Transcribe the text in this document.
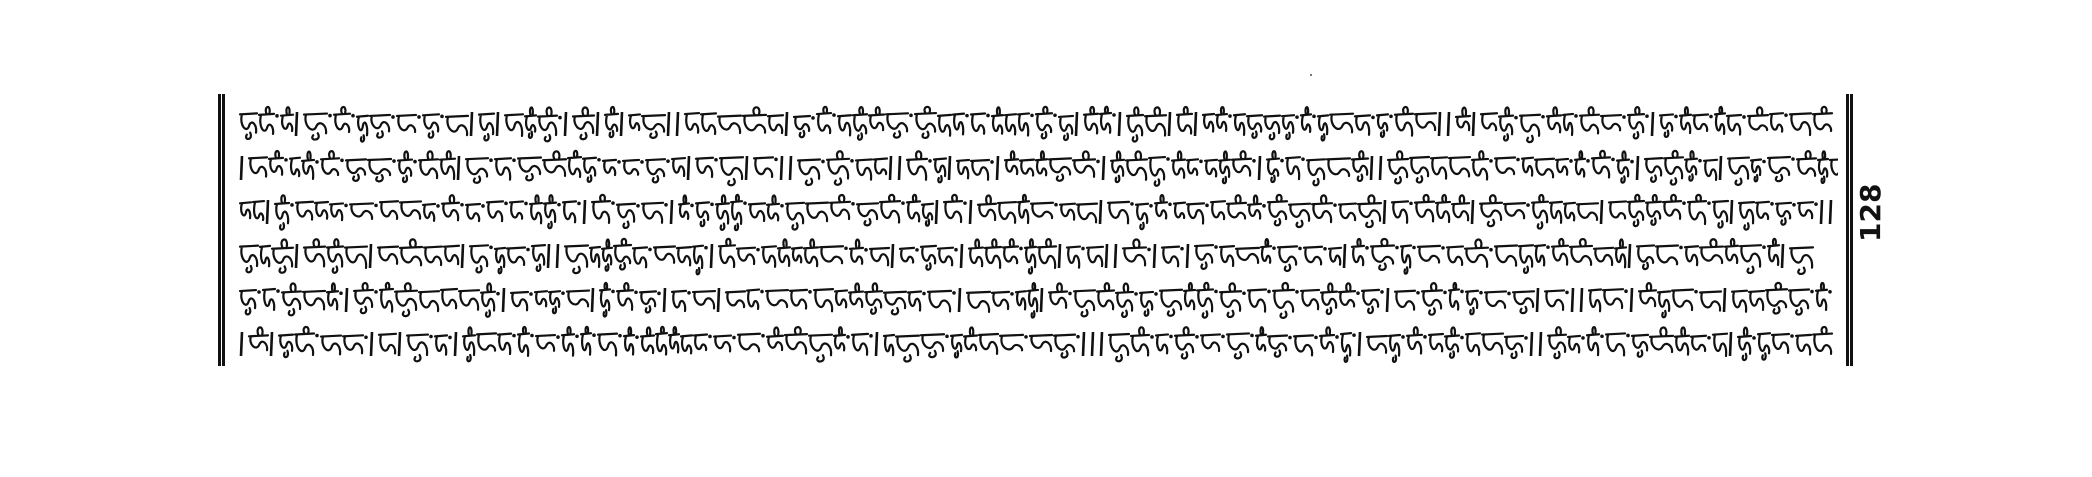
128
